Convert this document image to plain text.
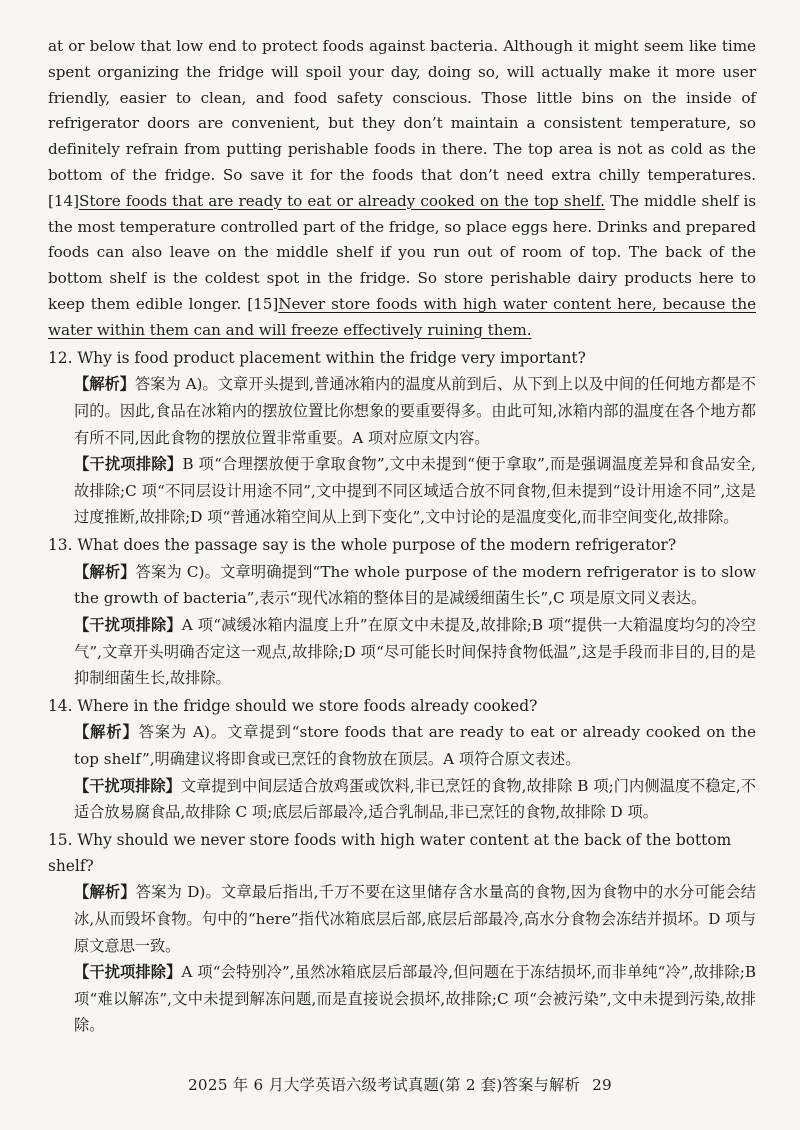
at or below that low end to protect foods against bacteria. Although it might seem like time spent organizing the fridge will spoil your day, doing so, will actually make it more user friendly, easier to clean, and food safety conscious. Those little bins on the inside of refrigerator doors are convenient, but they don’t maintain a consistent temperature, so definitely refrain from putting perishable foods in there. The top area is not as cold as the bottom of the fridge. So save it for the foods that don’t need extra chilly temperatures. [14]Store foods that are ready to eat or already cooked on the top shelf. The middle shelf is the most temperature controlled part of the fridge, so place eggs here. Drinks and prepared foods can also leave on the middle shelf if you run out of room of top. The back of the bottom shelf is the coldest spot in the fridge. So store perishable dairy products here to keep them edible longer. [15]Never store foods with high water content here, because the water within them can and will freeze effectively ruining them.

12. Why is food product placement within the fridge very important?

【解析】答案为 A)。文章开头提到,普通冰箱内的温度从前到后、从下到上以及中间的任何地方都是不同的。因此,食品在冰箱内的摆放位置比你想象的要重要得多。由此可知,冰箱内部的温度在各个地方都有所不同,因此食物的摆放位置非常重要。A 项对应原文内容。

【干扰项排除】B 项“合理摆放便于拿取食物”,文中未提到“便于拿取”,而是强调温度差异和食品安全,故排除;C 项“不同层设计用途不同”,文中提到不同区域适合放不同食物,但未提到“设计用途不同”,这是过度推断,故排除;D 项“普通冰箱空间从上到下变化”,文中讨论的是温度变化,而非空间变化,故排除。

13. What does the passage say is the whole purpose of the modern refrigerator?

【解析】答案为 C)。文章明确提到“The whole purpose of the modern refrigerator is to slow the growth of bacteria”,表示“现代冰箱的整体目的是减缓细菌生长”,C 项是原文同义表达。

【干扰项排除】A 项“减缓冰箱内温度上升”在原文中未提及,故排除;B 项“提供一大箱温度均匀的冷空气”,文章开头明确否定这一观点,故排除;D 项“尽可能长时间保持食物低温”,这是手段而非目的,目的是抑制细菌生长,故排除。

14. Where in the fridge should we store foods already cooked?

【解析】答案为 A)。文章提到“store foods that are ready to eat or already cooked on the top shelf”,明确建议将即食或已烹饪的食物放在顶层。A 项符合原文表述。

【干扰项排除】文章提到中间层适合放鸡蛋或饮料,非已烹饪的食物,故排除 B 项;门内侧温度不稳定,不适合放易腐食品,故排除 C 项;底层后部最冷,适合乳制品,非已烹饪的食物,故排除 D 项。

15. Why should we never store foods with high water content at the back of the bottom shelf?

【解析】答案为 D)。文章最后指出,千万不要在这里储存含水量高的食物,因为食物中的水分可能会结冰,从而毁坏食物。句中的“here”指代冰箱底层后部,底层后部最冷,高水分食物会冻结并损坏。D 项与原文意思一致。

【干扰项排除】A 项“会特别冷”,虽然冰箱底层后部最冷,但问题在于冻结损坏,而非单纯“冷”,故排除;B 项“难以解冻”,文中未提到解冻问题,而是直接说会损坏,故排除;C 项“会被污染”,文中未提到污染,故排除。

2025 年 6 月大学英语六级考试真题(第 2 套)答案与解析 29
